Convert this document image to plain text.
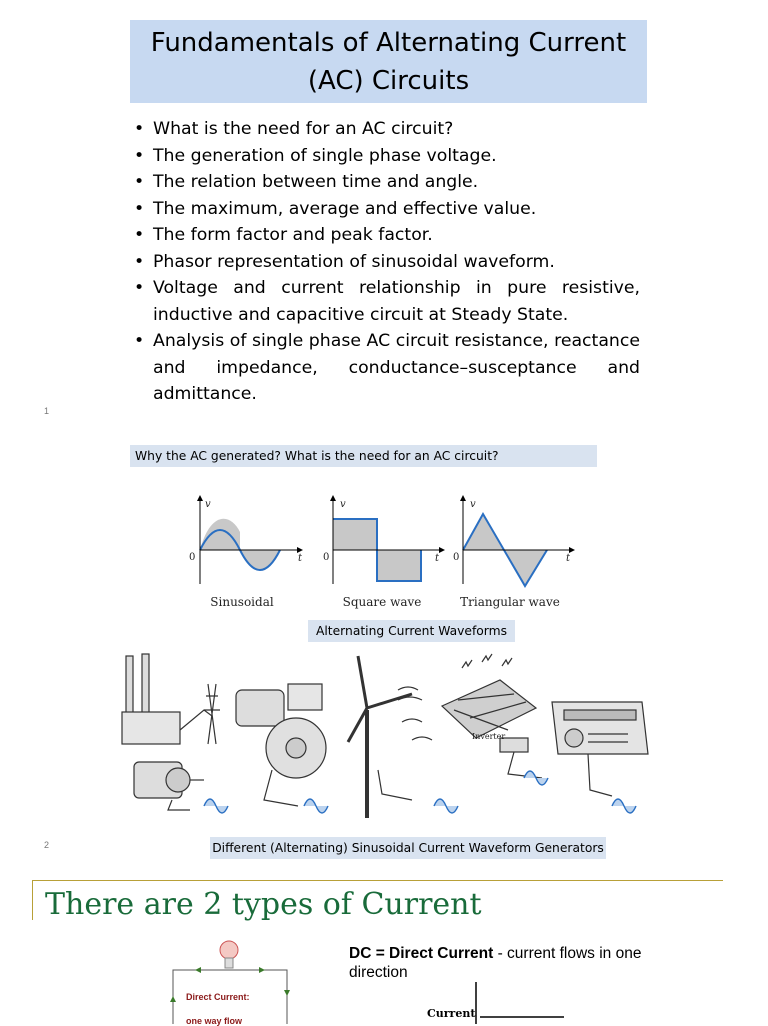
Fundamentals of Alternating Current
(AC) Circuits
• What is the need for an AC circuit?
• The generation of single phase voltage.
• The relation between time and angle.
• The maximum, average and effective value.
• The form factor and peak factor.
• Phasor representation of sinusoidal waveform.
• Voltage and current relationship in pure resistive, inductive and capacitive circuit at Steady State.
• Analysis of single phase AC circuit resistance, reactance and impedance, conductance–susceptance and admittance.
1
Why the AC generated? What is the need for an AC circuit?
v
t
0
v
t
0
v
t
0
Sinusoidal	Square wave	Triangular wave
Alternating Current Waveforms
Inverter
Different (Alternating) Sinusoidal Current Waveform Generators
2
There are 2 types of Current
Direct Current:
one way flow
DC = Direct Current - current flows in one direction
Current
